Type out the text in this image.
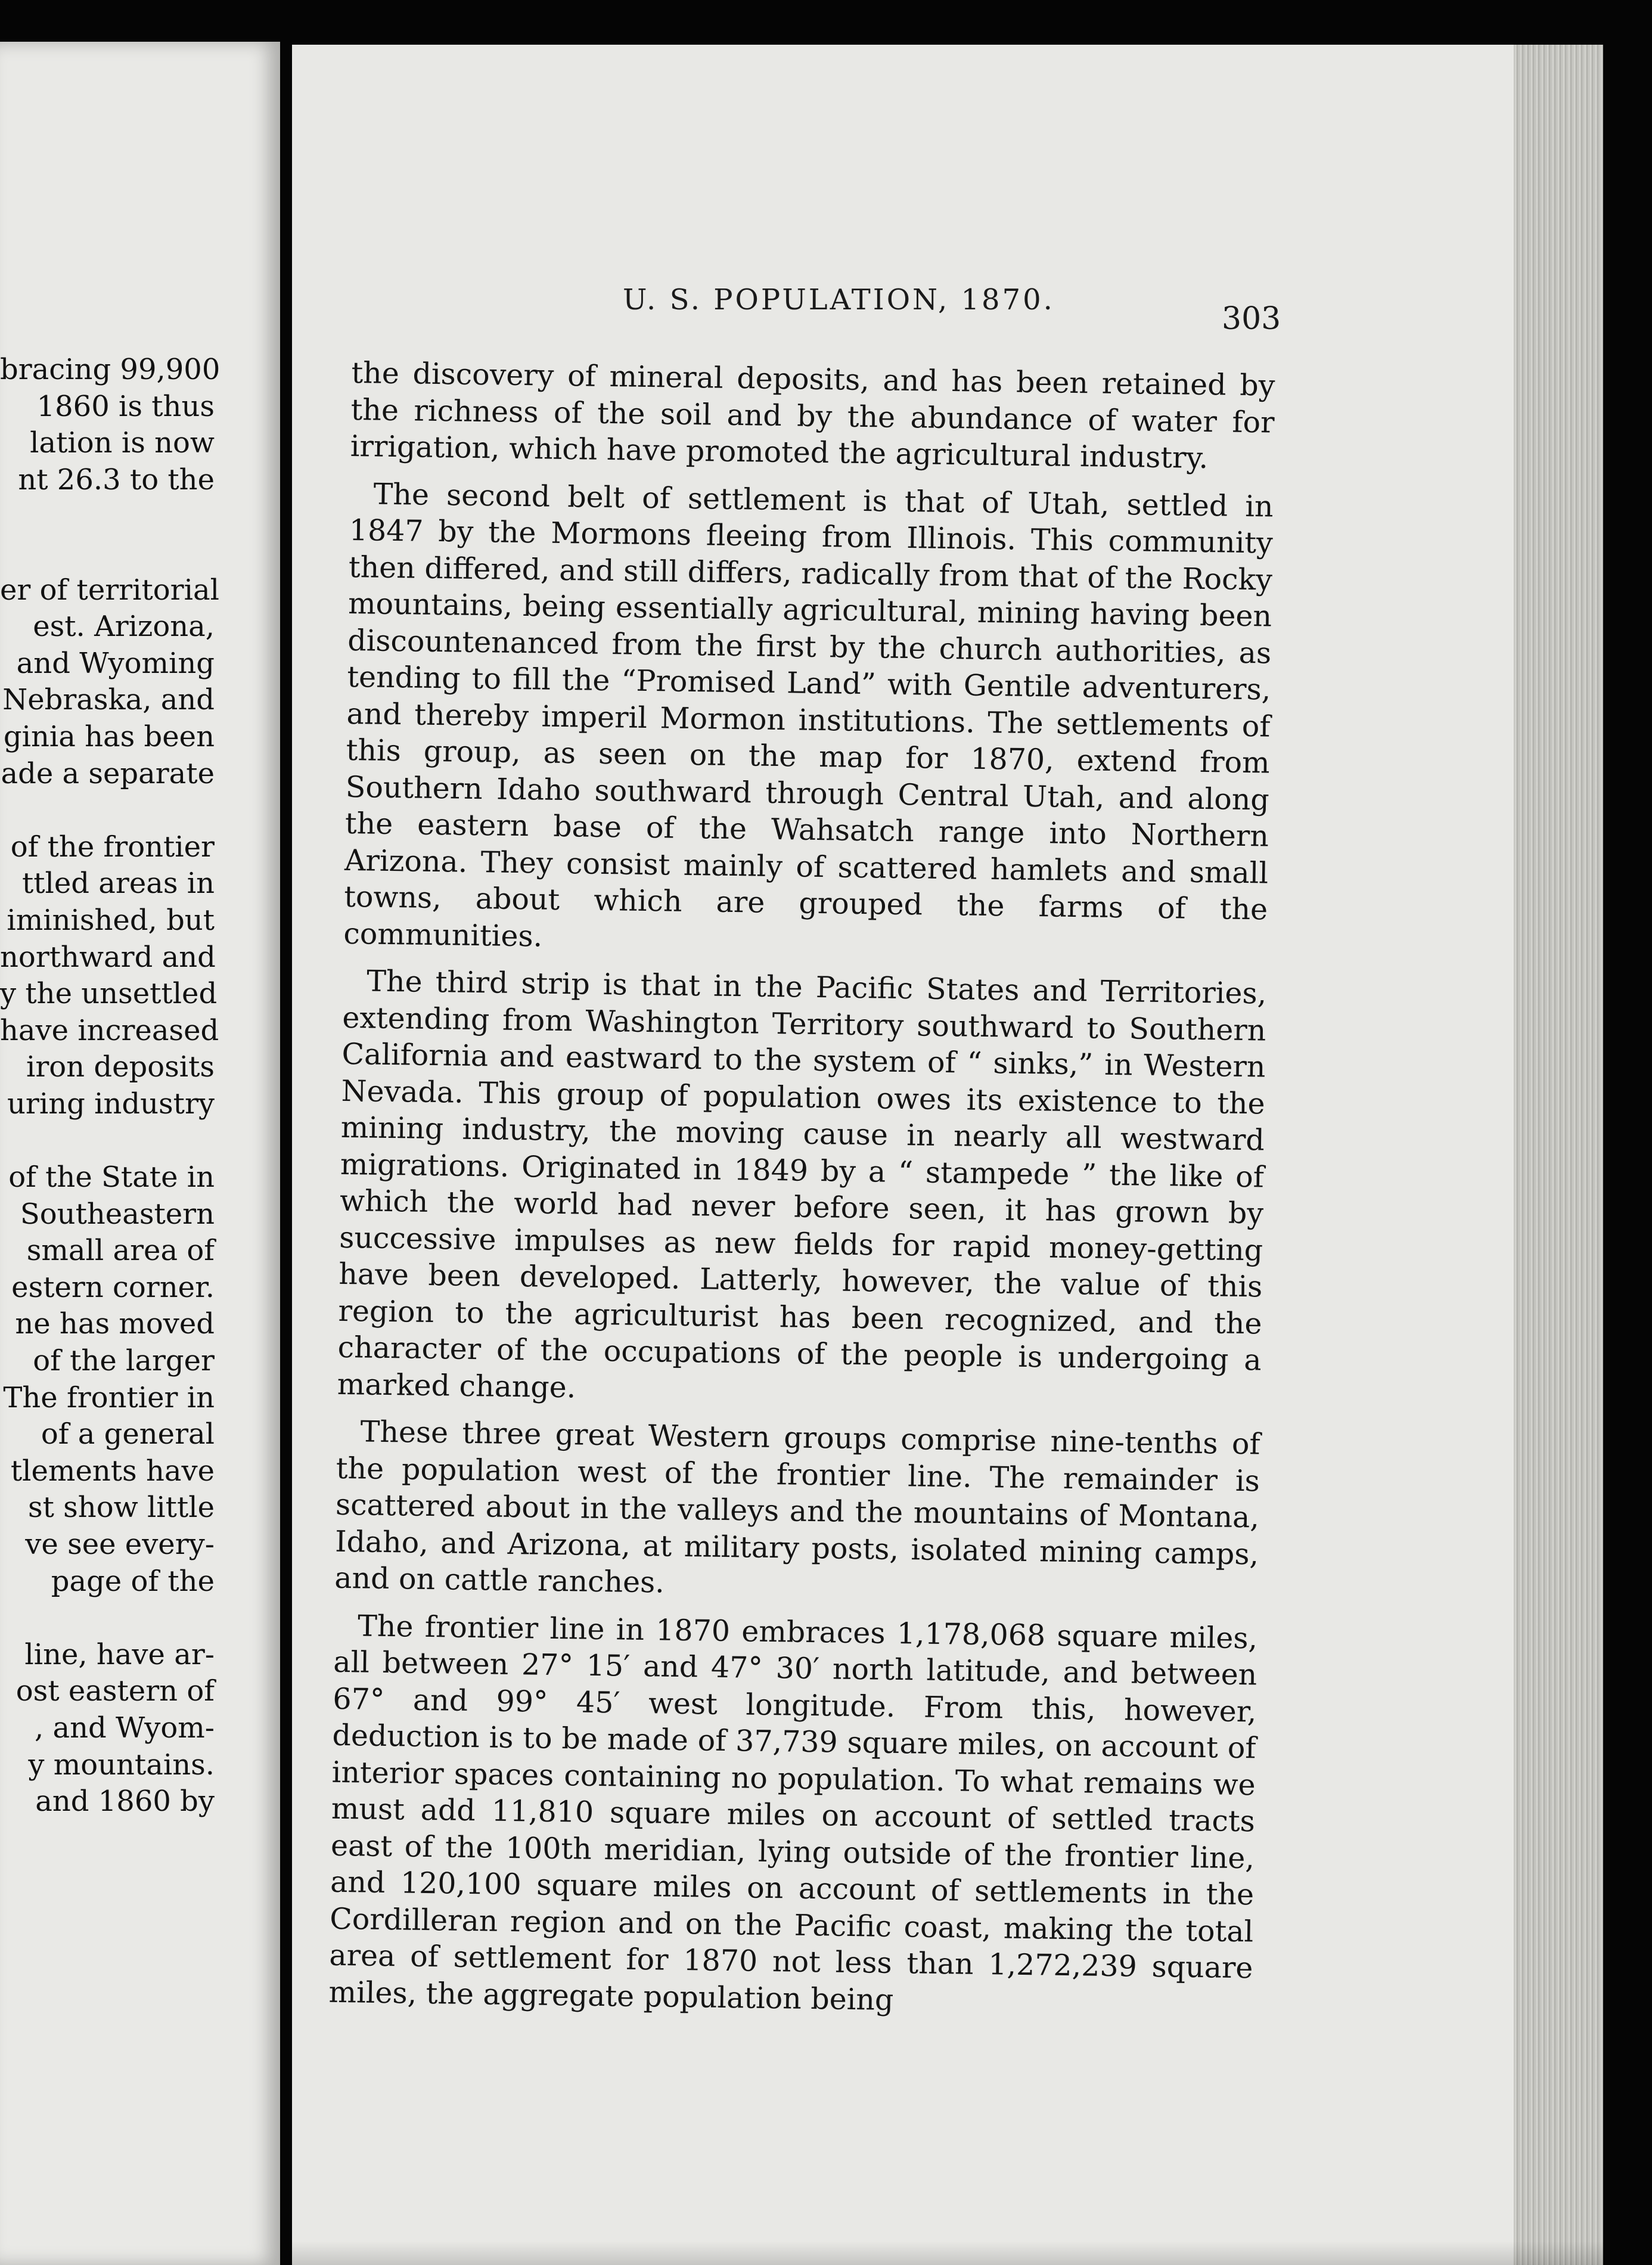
bracing 99,900
1860 is thus
lation is now
nt 26.3 to the

er of territorial
est. Arizona,
and Wyoming
Nebraska, and
ginia has been
ade a separate

of the frontier
ttled areas in
iminished, but
northward and
y the unsettled
have increased
iron deposits
uring industry

of the State in
Southeastern
small area of
estern corner.
ne has moved
of the larger
The frontier in
of a general
tlements have
st show little
ve see every-
page of the

line, have ar-
ost eastern of
, and Wyom-
y mountains.
and 1860 by
U. S. POPULATION, 1870.
303

the discovery of mineral deposits, and has been retained by the richness of the soil and by the abundance of water for irrigation, which have promoted the agricultural industry.

The second belt of settlement is that of Utah, settled in 1847 by the Mormons fleeing from Illinois. This community then differed, and still differs, radically from that of the Rocky mountains, being essentially agricultural, mining having been discountenanced from the first by the church authorities, as tending to fill the “Promised Land” with Gentile adventurers, and thereby imperil Mormon institutions. The settlements of this group, as seen on the map for 1870, extend from Southern Idaho southward through Central Utah, and along the eastern base of the Wahsatch range into Northern Arizona. They consist mainly of scattered hamlets and small towns, about which are grouped the farms of the communities.

The third strip is that in the Pacific States and Territories, extending from Washington Territory southward to Southern California and eastward to the system of “ sinks,” in Western Nevada. This group of population owes its existence to the mining industry, the moving cause in nearly all westward migrations. Originated in 1849 by a “ stampede ” the like of which the world had never before seen, it has grown by successive impulses as new fields for rapid money-getting have been developed. Latterly, however, the value of this region to the agriculturist has been recognized, and the character of the occupations of the people is undergoing a marked change.

These three great Western groups comprise nine-tenths of the population west of the frontier line. The remainder is scattered about in the valleys and the mountains of Montana, Idaho, and Arizona, at military posts, isolated mining camps, and on cattle ranches.

The frontier line in 1870 embraces 1,178,068 square miles, all between 27° 15′ and 47° 30′ north latitude, and between 67° and 99° 45′ west longitude. From this, however, deduction is to be made of 37,739 square miles, on account of interior spaces containing no population. To what remains we must add 11,810 square miles on account of settled tracts east of the 100th meridian, lying outside of the frontier line, and 120,100 square miles on account of settlements in the Cordilleran region and on the Pacific coast, making the total area of settlement for 1870 not less than 1,272,239 square miles, the aggregate population being
